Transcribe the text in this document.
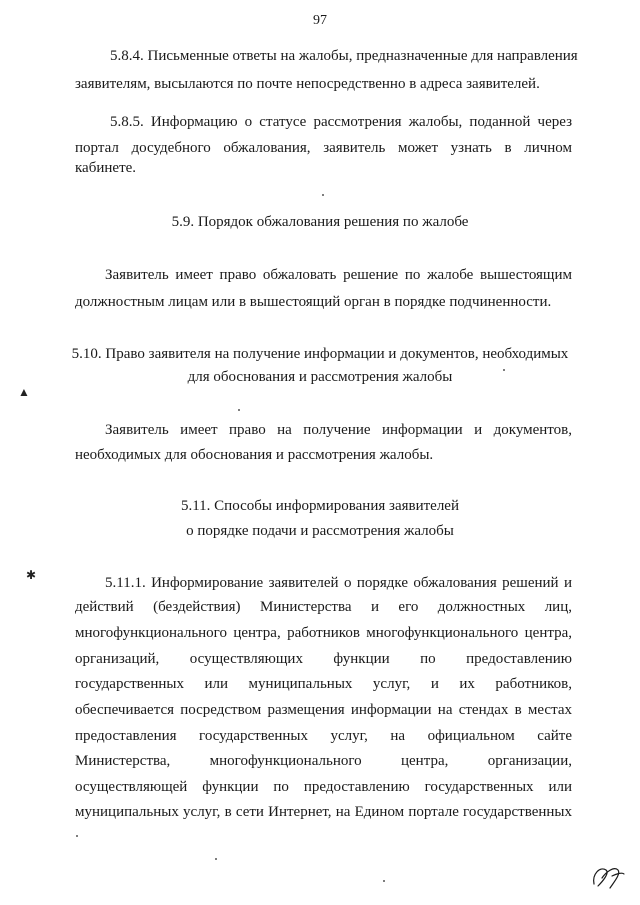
97
5.8.4. Письменные ответы на жалобы, предназначенные для направления
заявителям, высылаются по почте непосредственно в адреса заявителей.
5.8.5. Информацию о статусе рассмотрения жалобы, поданной через
портал досудебного обжалования, заявитель может узнать в личном
кабинете.
5.9. Порядок обжалования решения по жалобе
Заявитель имеет право обжаловать решение по жалобе вышестоящим
должностным лицам или в вышестоящий орган в порядке подчиненности.
5.10. Право заявителя на получение информации и документов, необходимых
для обоснования и рассмотрения жалобы
Заявитель имеет право на получение информации и документов,
необходимых для обоснования и рассмотрения жалобы.
5.11. Способы информирования заявителей
о порядке подачи и рассмотрения жалобы
5.11.1. Информирование заявителей о порядке обжалования решений и
действий (бездействия) Министерства и его должностных лиц,
многофункционального центра, работников многофункционального центра,
организаций, осуществляющих функции по предоставлению
государственных или муниципальных услуг, и их работников,
обеспечивается посредством размещения информации на стендах в местах
предоставления государственных услуг, на официальном сайте
Министерства, многофункционального центра, организации,
осуществляющей функции по предоставлению государственных или
муниципальных услуг, в сети Интернет, на Едином портале государственных
▲
✱
